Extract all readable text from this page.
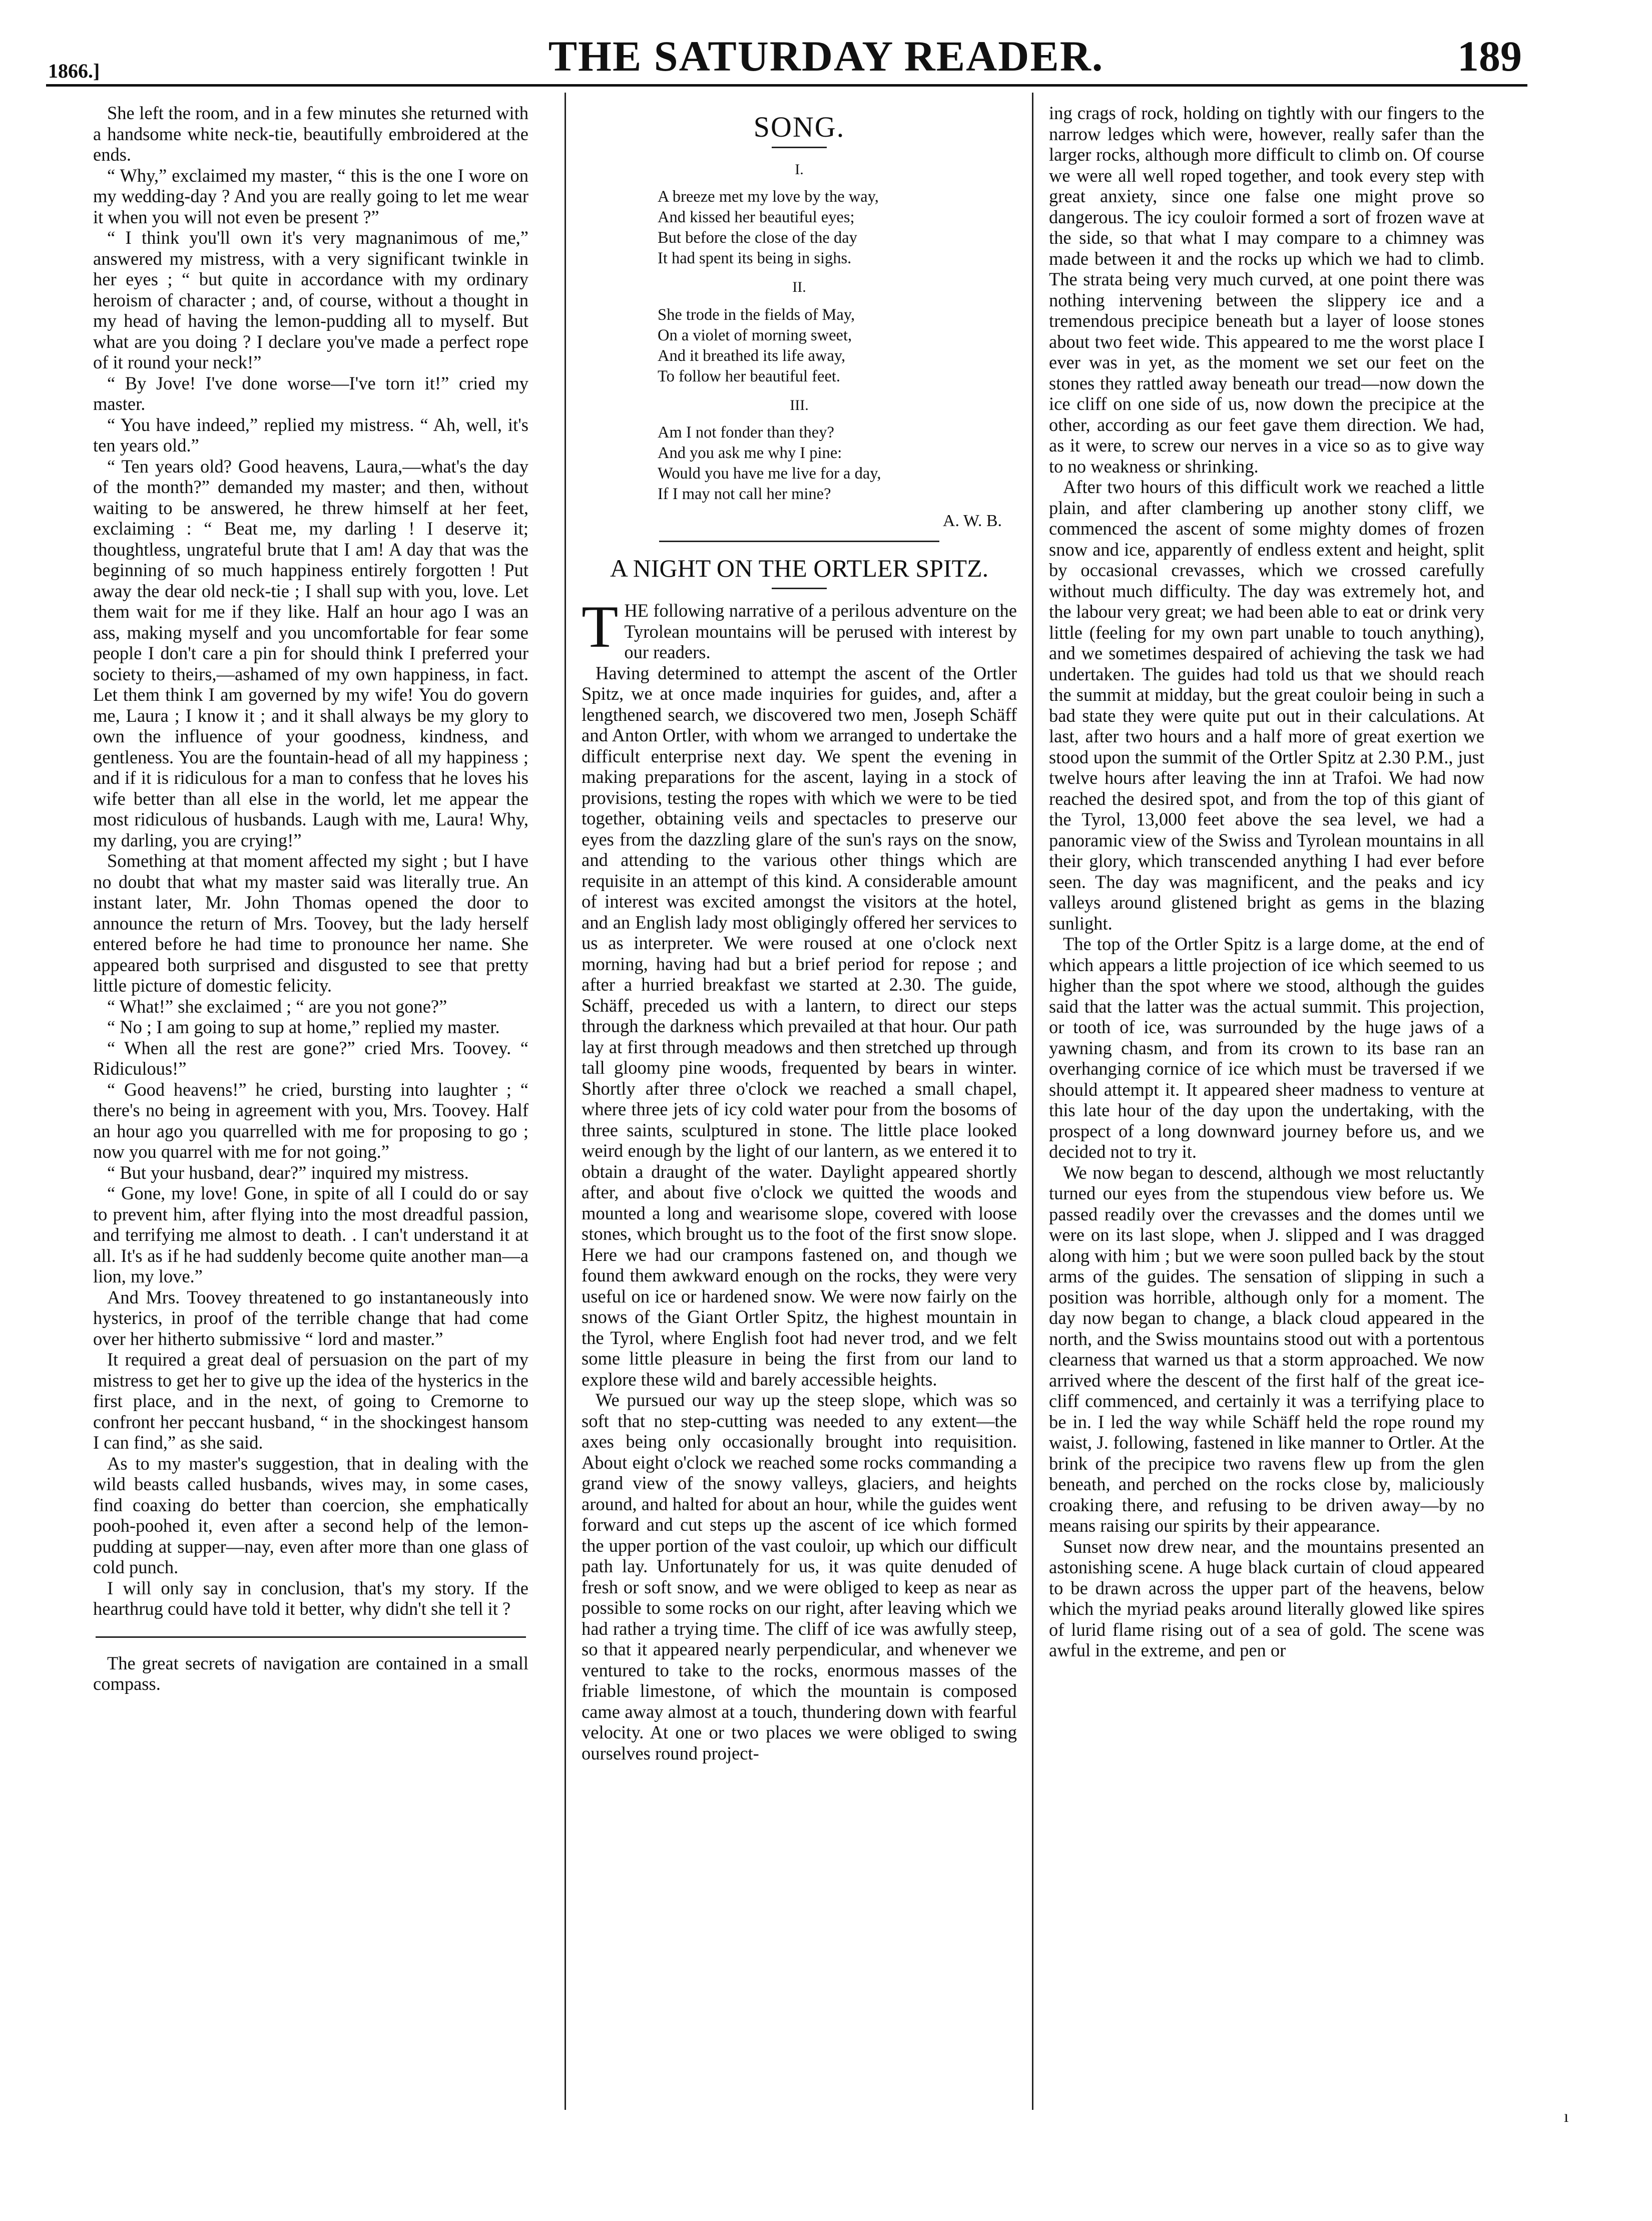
1866.]	THE SATURDAY READER.	189

She left the room, and in a few minutes she returned with a handsome white neck-tie, beautifully embroidered at the ends.

“ Why,” exclaimed my master, “ this is the one I wore on my wedding-day ? And you are really going to let me wear it when you will not even be present ?”

“ I think you'll own it's very magnanimous of me,” answered my mistress, with a very significant twinkle in her eyes ; “ but quite in accordance with my ordinary heroism of character ; and, of course, without a thought in my head of having the lemon-pudding all to myself. But what are you doing ? I declare you've made a perfect rope of it round your neck!”

“ By Jove! I've done worse—I've torn it!” cried my master.

“ You have indeed,” replied my mistress. “ Ah, well, it's ten years old.”

“ Ten years old? Good heavens, Laura,—what's the day of the month?” demanded my master; and then, without waiting to be answered, he threw himself at her feet, exclaiming : “ Beat me, my darling ! I deserve it; thoughtless, ungrateful brute that I am! A day that was the beginning of so much happiness entirely forgotten ! Put away the dear old neck-tie ; I shall sup with you, love. Let them wait for me if they like. Half an hour ago I was an ass, making myself and you uncomfortable for fear some people I don't care a pin for should think I preferred your society to theirs,—ashamed of my own happiness, in fact. Let them think I am governed by my wife! You do govern me, Laura ; I know it ; and it shall always be my glory to own the influence of your goodness, kindness, and gentleness. You are the fountain-head of all my happiness ; and if it is ridiculous for a man to confess that he loves his wife better than all else in the world, let me appear the most ridiculous of husbands. Laugh with me, Laura! Why, my darling, you are crying!”

Something at that moment affected my sight ; but I have no doubt that what my master said was literally true. An instant later, Mr. John Thomas opened the door to announce the return of Mrs. Toovey, but the lady herself entered before he had time to pronounce her name. She appeared both surprised and disgusted to see that pretty little picture of domestic felicity.

“ What!” she exclaimed ; “ are you not gone?”

“ No ; I am going to sup at home,” replied my master.

“ When all the rest are gone?” cried Mrs. Toovey. “ Ridiculous!”

“ Good heavens!” he cried, bursting into laughter ; “ there's no being in agreement with you, Mrs. Toovey. Half an hour ago you quarrelled with me for proposing to go ; now you quarrel with me for not going.”

“ But your husband, dear?” inquired my mistress.

“ Gone, my love! Gone, in spite of all I could do or say to prevent him, after flying into the most dreadful passion, and terrifying me almost to death. . I can't understand it at all. It's as if he had suddenly become quite another man—a lion, my love.”

And Mrs. Toovey threatened to go instantaneously into hysterics, in proof of the terrible change that had come over her hitherto submissive “ lord and master.”

It required a great deal of persuasion on the part of my mistress to get her to give up the idea of the hysterics in the first place, and in the next, of going to Cremorne to confront her peccant husband, “ in the shockingest hansom I can find,” as she said.

As to my master's suggestion, that in dealing with the wild beasts called husbands, wives may, in some cases, find coaxing do better than coercion, she emphatically pooh-poohed it, even after a second help of the lemon-pudding at supper—nay, even after more than one glass of cold punch.

I will only say in conclusion, that's my story. If the hearthrug could have told it better, why didn't she tell it ?

The great secrets of navigation are contained in a small compass.

SONG.
I.
A breeze met my love by the way,
And kissed her beautiful eyes;
But before the close of the day
It had spent its being in sighs.
II.
She trode in the fields of May,
On a violet of morning sweet,
And it breathed its life away,
To follow her beautiful feet.
III.
Am I not fonder than they?
And you ask me why I pine:
Would you have me live for a day,
If I may not call her mine?
A. W. B.
A NIGHT ON THE ORTLER SPITZ.

THE following narrative of a perilous adventure on the Tyrolean mountains will be perused with interest by our readers.

Having determined to attempt the ascent of the Ortler Spitz, we at once made inquiries for guides, and, after a lengthened search, we discovered two men, Joseph Schäff and Anton Ortler, with whom we arranged to undertake the difficult enterprise next day. We spent the evening in making preparations for the ascent, laying in a stock of provisions, testing the ropes with which we were to be tied together, obtaining veils and spectacles to preserve our eyes from the dazzling glare of the sun's rays on the snow, and attending to the various other things which are requisite in an attempt of this kind. A considerable amount of interest was excited amongst the visitors at the hotel, and an English lady most obligingly offered her services to us as interpreter. We were roused at one o'clock next morning, having had but a brief period for repose ; and after a hurried breakfast we started at 2.30. The guide, Schäff, preceded us with a lantern, to direct our steps through the darkness which prevailed at that hour. Our path lay at first through meadows and then stretched up through tall gloomy pine woods, frequented by bears in winter. Shortly after three o'clock we reached a small chapel, where three jets of icy cold water pour from the bosoms of three saints, sculptured in stone. The little place looked weird enough by the light of our lantern, as we entered it to obtain a draught of the water. Daylight appeared shortly after, and about five o'clock we quitted the woods and mounted a long and wearisome slope, covered with loose stones, which brought us to the foot of the first snow slope. Here we had our crampons fastened on, and though we found them awkward enough on the rocks, they were very useful on ice or hardened snow. We were now fairly on the snows of the Giant Ortler Spitz, the highest mountain in the Tyrol, where English foot had never trod, and we felt some little pleasure in being the first from our land to explore these wild and barely accessible heights.

We pursued our way up the steep slope, which was so soft that no step-cutting was needed to any extent—the axes being only occasionally brought into requisition. About eight o'clock we reached some rocks commanding a grand view of the snowy valleys, glaciers, and heights around, and halted for about an hour, while the guides went forward and cut steps up the ascent of ice which formed the upper portion of the vast couloir, up which our difficult path lay. Unfortunately for us, it was quite denuded of fresh or soft snow, and we were obliged to keep as near as possible to some rocks on our right, after leaving which we had rather a trying time. The cliff of ice was awfully steep, so that it appeared nearly perpendicular, and whenever we ventured to take to the rocks, enormous masses of the friable limestone, of which the mountain is composed came away almost at a touch, thundering down with fearful velocity. At one or two places we were obliged to swing ourselves round project-

ing crags of rock, holding on tightly with our fingers to the narrow ledges which were, however, really safer than the larger rocks, although more difficult to climb on. Of course we were all well roped together, and took every step with great anxiety, since one false one might prove so dangerous. The icy couloir formed a sort of frozen wave at the side, so that what I may compare to a chimney was made between it and the rocks up which we had to climb. The strata being very much curved, at one point there was nothing intervening between the slippery ice and a tremendous precipice beneath but a layer of loose stones about two feet wide. This appeared to me the worst place I ever was in yet, as the moment we set our feet on the stones they rattled away beneath our tread—now down the ice cliff on one side of us, now down the precipice at the other, according as our feet gave them direction. We had, as it were, to screw our nerves in a vice so as to give way to no weakness or shrinking.

After two hours of this difficult work we reached a little plain, and after clambering up another stony cliff, we commenced the ascent of some mighty domes of frozen snow and ice, apparently of endless extent and height, split by occasional crevasses, which we crossed carefully without much difficulty. The day was extremely hot, and the labour very great; we had been able to eat or drink very little (feeling for my own part unable to touch anything), and we sometimes despaired of achieving the task we had undertaken. The guides had told us that we should reach the summit at midday, but the great couloir being in such a bad state they were quite put out in their calculations. At last, after two hours and a half more of great exertion we stood upon the summit of the Ortler Spitz at 2.30 P.M., just twelve hours after leaving the inn at Trafoi. We had now reached the desired spot, and from the top of this giant of the Tyrol, 13,000 feet above the sea level, we had a panoramic view of the Swiss and Tyrolean mountains in all their glory, which transcended anything I had ever before seen. The day was magnificent, and the peaks and icy valleys around glistened bright as gems in the blazing sunlight.

The top of the Ortler Spitz is a large dome, at the end of which appears a little projection of ice which seemed to us higher than the spot where we stood, although the guides said that the latter was the actual summit. This projection, or tooth of ice, was surrounded by the huge jaws of a yawning chasm, and from its crown to its base ran an overhanging cornice of ice which must be traversed if we should attempt it. It appeared sheer madness to venture at this late hour of the day upon the undertaking, with the prospect of a long downward journey before us, and we decided not to try it.

We now began to descend, although we most reluctantly turned our eyes from the stupendous view before us. We passed readily over the crevasses and the domes until we were on its last slope, when J. slipped and I was dragged along with him ; but we were soon pulled back by the stout arms of the guides. The sensation of slipping in such a position was horrible, although only for a moment. The day now began to change, a black cloud appeared in the north, and the Swiss mountains stood out with a portentous clearness that warned us that a storm approached. We now arrived where the descent of the first half of the great ice-cliff commenced, and certainly it was a terrifying place to be in. I led the way while Schäff held the rope round my waist, J. following, fastened in like manner to Ortler. At the brink of the precipice two ravens flew up from the glen beneath, and perched on the rocks close by, maliciously croaking there, and refusing to be driven away—by no means raising our spirits by their appearance.

Sunset now drew near, and the mountains presented an astonishing scene. A huge black curtain of cloud appeared to be drawn across the upper part of the heavens, below which the myriad peaks around literally glowed like spires of lurid flame rising out of a sea of gold. The scene was awful in the extreme, and pen or

ı
